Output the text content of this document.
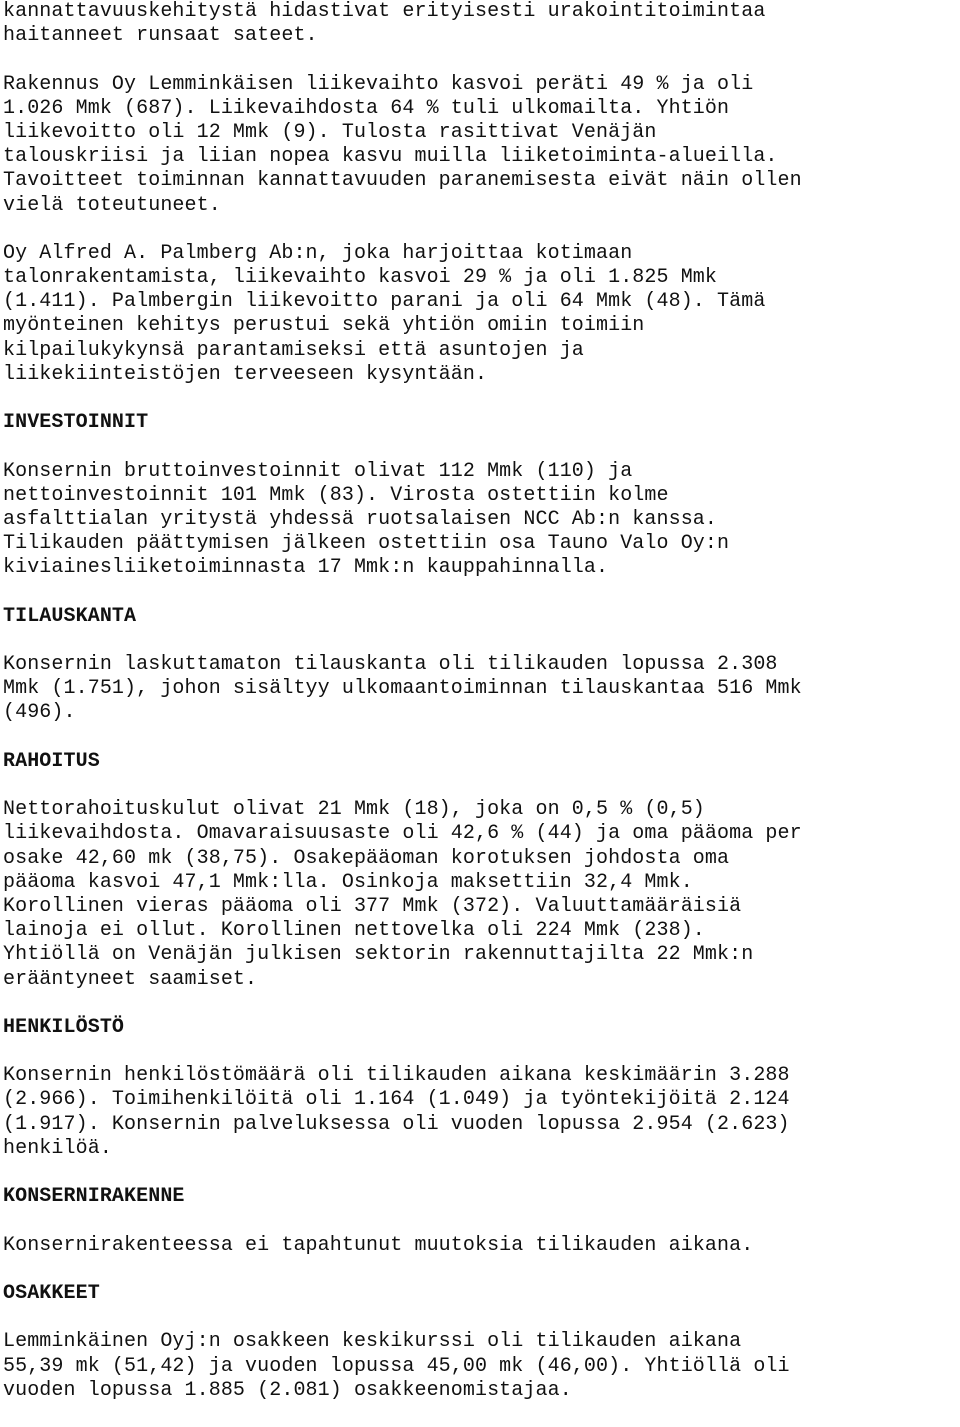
kannattavuuskehitystä hidastivat erityisesti urakointitoimintaa
haitanneet runsaat sateet.
Rakennus Oy Lemminkäisen liikevaihto kasvoi peräti 49 % ja oli
1.026 Mmk (687). Liikevaihdosta 64 % tuli ulkomailta. Yhtiön
liikevoitto oli 12 Mmk (9). Tulosta rasittivat Venäjän
talouskriisi ja liian nopea kasvu muilla liiketoiminta-alueilla.
Tavoitteet toiminnan kannattavuuden paranemisesta eivät näin ollen
vielä toteutuneet.
Oy Alfred A. Palmberg Ab:n, joka harjoittaa kotimaan
talonrakentamista, liikevaihto kasvoi 29 % ja oli 1.825 Mmk
(1.411). Palmbergin liikevoitto parani ja oli 64 Mmk (48). Tämä
myönteinen kehitys perustui sekä yhtiön omiin toimiin
kilpailukykynsä parantamiseksi että asuntojen ja
liikekiinteistöjen terveeseen kysyntään.
INVESTOINNIT
Konsernin bruttoinvestoinnit olivat 112 Mmk (110) ja
nettoinvestoinnit 101 Mmk (83). Virosta ostettiin kolme
asfalttialan yritystä yhdessä ruotsalaisen NCC Ab:n kanssa.
Tilikauden päättymisen jälkeen ostettiin osa Tauno Valo Oy:n
kiviainesliiketoiminnasta 17 Mmk:n kauppahinnalla.
TILAUSKANTA
Konsernin laskuttamaton tilauskanta oli tilikauden lopussa 2.308
Mmk (1.751), johon sisältyy ulkomaantoiminnan tilauskantaa 516 Mmk
(496).
RAHOITUS
Nettorahoituskulut olivat 21 Mmk (18), joka on 0,5 % (0,5)
liikevaihdosta. Omavaraisuusaste oli 42,6 % (44) ja oma pääoma per
osake 42,60 mk (38,75). Osakepääoman korotuksen johdosta oma
pääoma kasvoi 47,1 Mmk:lla. Osinkoja maksettiin 32,4 Mmk.
Korollinen vieras pääoma oli 377 Mmk (372). Valuuttamääräisiä
lainoja ei ollut. Korollinen nettovelka oli 224 Mmk (238).
Yhtiöllä on Venäjän julkisen sektorin rakennuttajilta 22 Mmk:n
erääntyneet saamiset.
HENKILÖSTÖ
Konsernin henkilöstömäärä oli tilikauden aikana keskimäärin 3.288
(2.966). Toimihenkilöitä oli 1.164 (1.049) ja työntekijöitä 2.124
(1.917). Konsernin palveluksessa oli vuoden lopussa 2.954 (2.623)
henkilöä.
KONSERNIRAKENNE
Konsernirakenteessa ei tapahtunut muutoksia tilikauden aikana.
OSAKKEET
Lemminkäinen Oyj:n osakkeen keskikurssi oli tilikauden aikana
55,39 mk (51,42) ja vuoden lopussa 45,00 mk (46,00). Yhtiöllä oli
vuoden lopussa 1.885 (2.081) osakkeenomistajaa.
